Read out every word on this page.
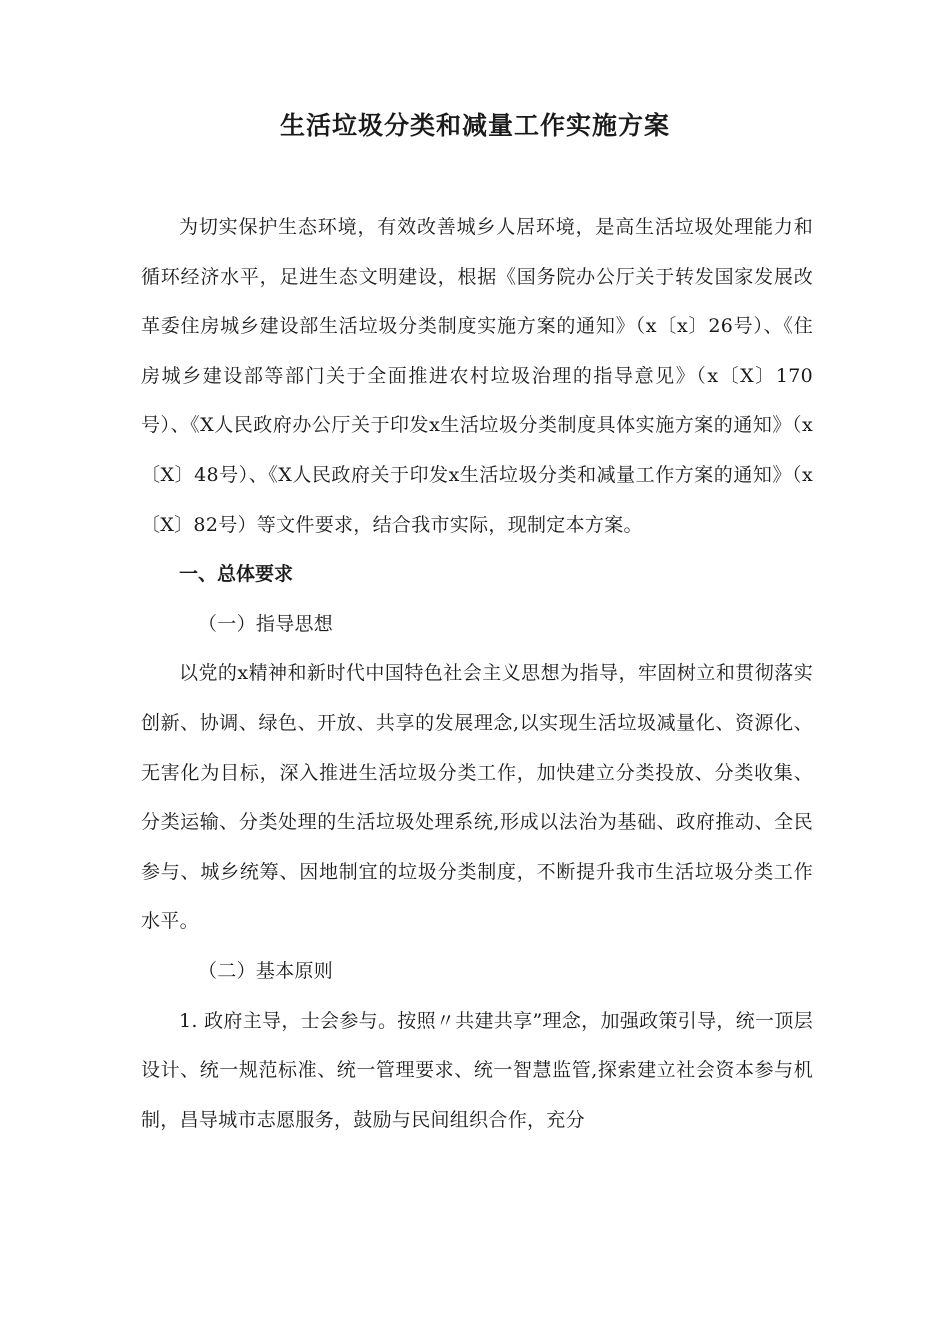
生活垃圾分类和减量工作实施方案

为切实保护生态环境，有效改善城乡人居环境，是高生活垃圾处理能力和循环经济水平，足进生态文明建设，根据《国务院办公厅关于转发国家发展改革委住房城乡建设部生活垃圾分类制度实施方案的通知》（x〔x〕26号）、《住房城乡建设部等部门关于全面推进农村垃圾治理的指导意见》（x〔X〕170号）、《X人民政府办公厅关于印发x生活垃圾分类制度具体实施方案的通知》（x〔X〕48号）、《X人民政府关于印发x生活垃圾分类和减量工作方案的通知》（x〔X〕82号）等文件要求，结合我市实际，现制定本方案。

一、总体要求

（一）指导思想

以党的x精神和新时代中国特色社会主义思想为指导，牢固树立和贯彻落实创新、协调、绿色、开放、共享的发展理念,以实现生活垃圾减量化、资源化、无害化为目标，深入推进生活垃圾分类工作，加快建立分类投放、分类收集、分类运输、分类处理的生活垃圾处理系统,形成以法治为基础、政府推动、全民参与、城乡统筹、因地制宜的垃圾分类制度，不断提升我市生活垃圾分类工作水平。

（二）基本原则

1. 政府主导，士会参与。按照〃共建共享”理念，加强政策引导，统一顶层设计、统一规范标准、统一管理要求、统一智慧监管,探索建立社会资本参与机制，昌导城市志愿服务，鼓励与民间组织合作，充分
